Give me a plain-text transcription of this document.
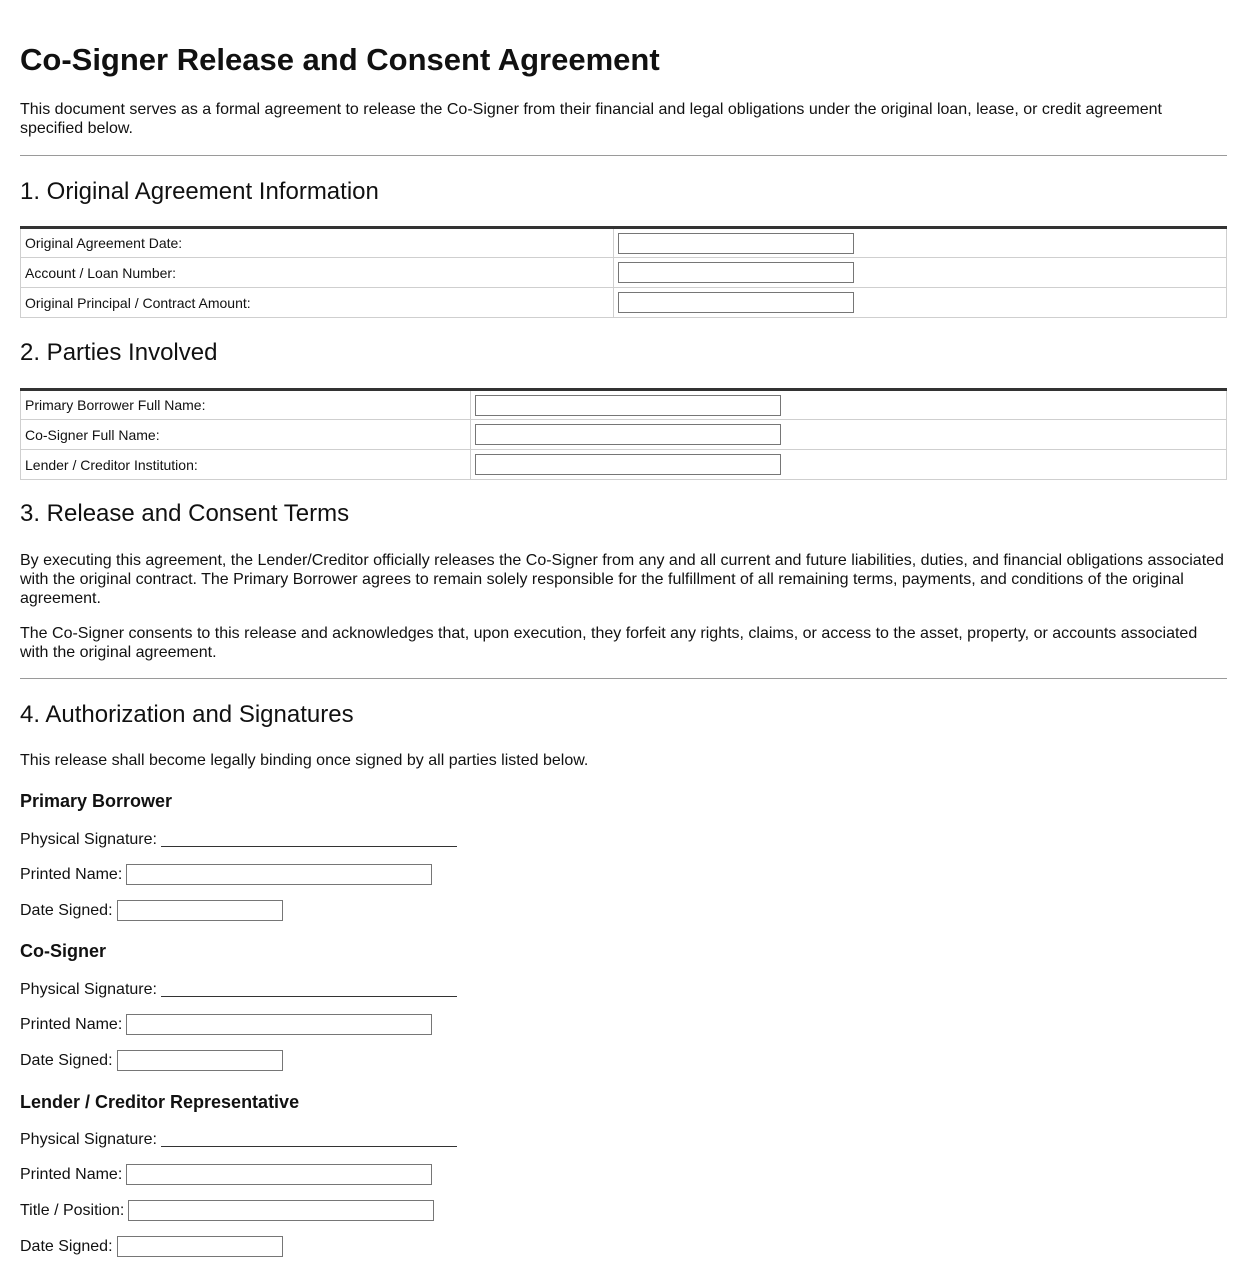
Co-Signer Release and Consent Agreement

This document serves as a formal agreement to release the Co-Signer from their financial and legal obligations under the original loan, lease, or credit agreement specified below.

1. Original Agreement Information
Original Agreement Date:	

Account / Loan Number:	

Original Principal / Contract Amount:	
2. Parties Involved
Primary Borrower Full Name:	

Co-Signer Full Name:	

Lender / Creditor Institution:	
3. Release and Consent Terms

By executing this agreement, the Lender/Creditor officially releases the Co-Signer from any and all current and future liabilities, duties, and financial obligations associated with the original contract. The Primary Borrower agrees to remain solely responsible for the fulfillment of all remaining terms, payments, and conditions of the original agreement.

The Co-Signer consents to this release and acknowledges that, upon execution, they forfeit any rights, claims, or access to the asset, property, or accounts associated with the original agreement.

4. Authorization and Signatures

This release shall become legally binding once signed by all parties listed below.

Primary Borrower
Physical Signature:
Printed Name:
Date Signed:
Co-Signer
Physical Signature:
Printed Name:
Date Signed:
Lender / Creditor Representative
Physical Signature:
Printed Name:
Title / Position:
Date Signed:
